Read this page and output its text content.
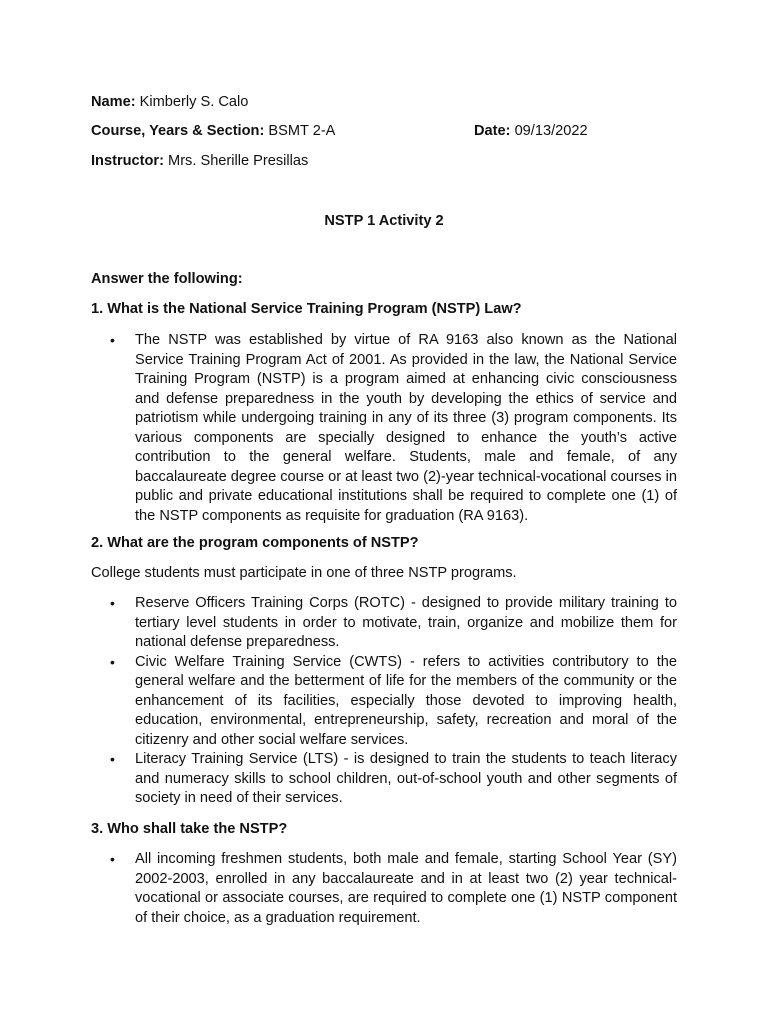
Name: Kimberly S. Calo
Course, Years & Section: BSMT 2-A	Date: 09/13/2022
Instructor: Mrs. Sherille Presillas
NSTP 1 Activity 2
Answer the following:
1. What is the National Service Training Program (NSTP) Law?
•	The NSTP was established by virtue of RA 9163 also known as the National Service Training Program Act of 2001. As provided in the law, the National Service Training Program (NSTP) is a program aimed at enhancing civic consciousness and defense preparedness in the youth by developing the ethics of service and patriotism while undergoing training in any of its three (3) program components. Its various components are specially designed to enhance the youth’s active contribution to the general welfare. Students, male and female, of any baccalaureate degree course or at least two (2)-year technical-vocational courses in public and private educational institutions shall be required to complete one (1) of the NSTP components as requisite for graduation (RA 9163).
2. What are the program components of NSTP?
College students must participate in one of three NSTP programs.
•	Reserve Officers Training Corps (ROTC) - designed to provide military training to tertiary level students in order to motivate, train, organize and mobilize them for national defense preparedness.
•	Civic Welfare Training Service (CWTS) - refers to activities contributory to the general welfare and the betterment of life for the members of the community or the enhancement of its facilities, especially those devoted to improving health, education, environmental, entrepreneurship, safety, recreation and moral of the citizenry and other social welfare services.
•	Literacy Training Service (LTS) - is designed to train the students to teach literacy and numeracy skills to school children, out-of-school youth and other segments of society in need of their services.
3. Who shall take the NSTP?
•	All incoming freshmen students, both male and female, starting School Year (SY) 2002-2003, enrolled in any baccalaureate and in at least two (2) year technical-vocational or associate courses, are required to complete one (1) NSTP component of their choice, as a graduation requirement.
